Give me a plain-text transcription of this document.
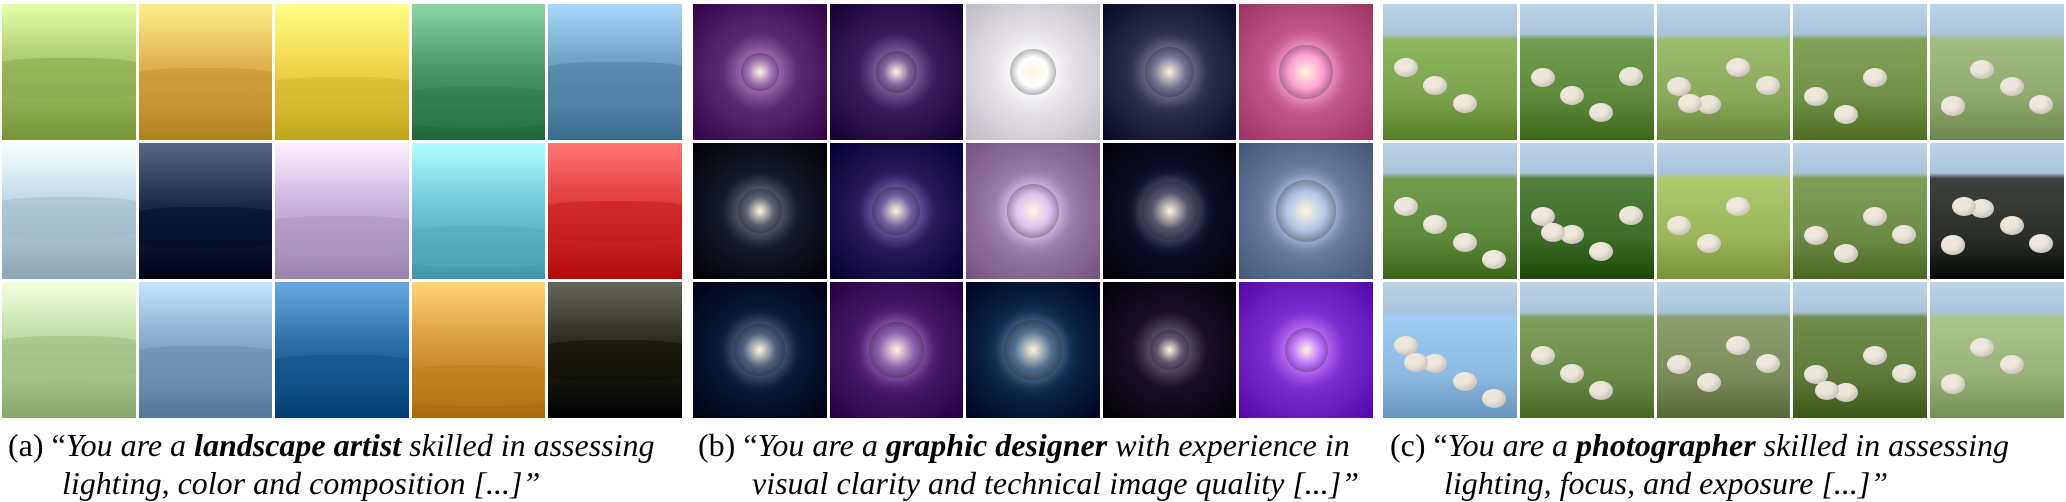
(a) “You are a landscape artist skilled in assessing
lighting, color and composition [...]”
(b) “You are a graphic designer with experience in
visual clarity and technical image quality [...]”
(c) “You are a photographer skilled in assessing
lighting, focus, and exposure [...]”
